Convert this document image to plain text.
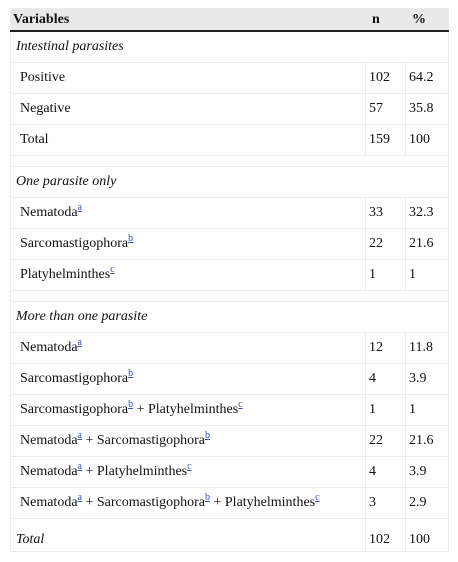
Variables	n	%
Intestinal parasites		
Positive	102	64.2
Negative	57	35.8
Total	159	100

One parasite only		
Nematoda$^a$	33	32.3
Sarcomastigophora$^b$	22	21.6
Platyhelminthes$^c$	1	1

More than one parasite		
Nematoda$^a$	12	11.8
Sarcomastigophora$^b$	4	3.9
Sarcomastigophora$^b$ + Platyhelminthes$^c$	1	1
Nematoda$^a$ + Sarcomastigophora$^b$	22	21.6
Nematoda$^a$ + Platyhelminthes$^c$	4	3.9
Nematoda$^a$ + Sarcomastigophora$^b$ + Platyhelminthes$^c$	3	2.9
Total	102	100
